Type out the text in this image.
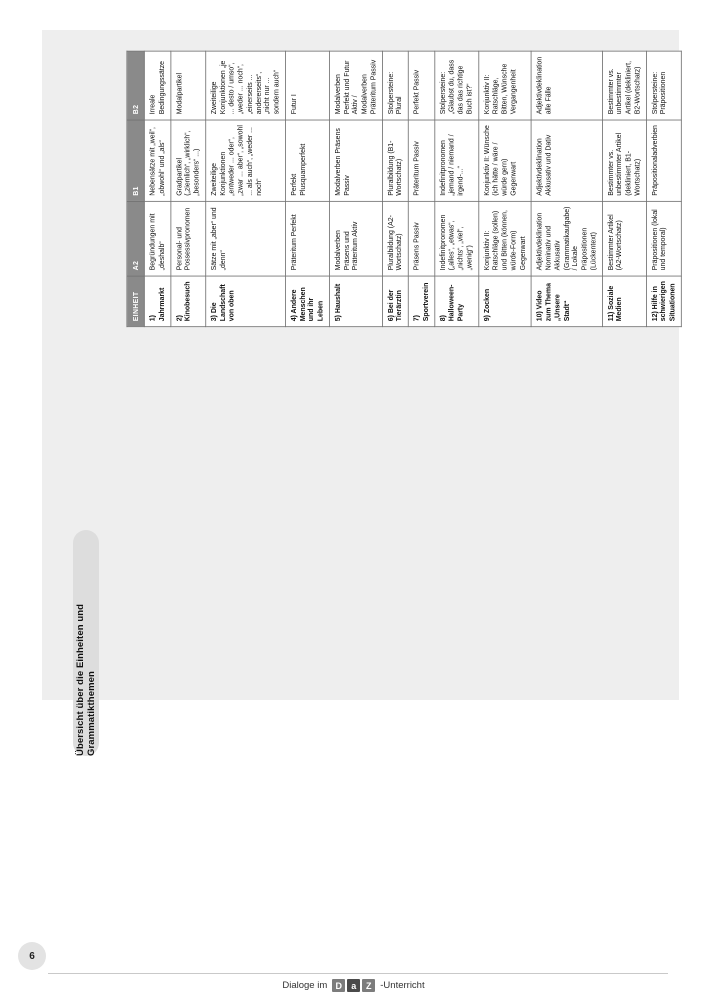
Übersicht über die Einheiten und Grammatikthemen
EINHEIT	A2	B1	B2
1) Jahrmarkt	Begründungen mit „deshalb“	Nebensätze mit „weil“, „obwohl“ und „als“	Irreale Bedingungssätze
2) Kinobesuch	Personal- und Possessivpronomen	Gradpartikel („ziemlich“, „wirklich“, „besonders“ ...)	Modalpartikel
3) Die Landschaft von oben	Sätze mit „aber“ und „denn“	Zweiteilige Konjunktionen „entweder ... oder“, „zwar ... aber“, „sowohl ... als auch“, „weder ... noch“	Zweiteilige Konjunktionen „je ... desto / umso“, „weder ... noch“, „einerseits ... andererseits“, „nicht nur ... sondern auch“
4) Andere Menschen und ihr Leben	Präteritum Perfekt	Perfekt Plusquamperfekt	Futur I
5) Haushalt	Modalverben Präsens und Präteritum Aktiv	Modalverben Präsens Passiv	Modalverben Perfekt und Futur Aktiv / Modalverben Präteritum Passiv
6) Bei der Tierärztin	Pluralbildung (A2-Wortschatz)	Pluralbildung (B1-Wortschatz)	Stolpersteine: Plural
7) Sportverein	Präsens Passiv	Präteritum Passiv	Perfekt Passiv
8) Halloween-Party	Indefinitpronomen („alles“, „etwas“, „nichts“, „viel“, „wenig“)	Indefinitpronomen „jemand / niemand / irgend-...“	Stolpersteine: „Glaubst du, dass das das richtige Buch ist?“
9) Zocken	Konjunktiv II: Ratschläge (sollen) und Bitten (können, würde-Form) Gegenwart	Konjunktiv II: Wünsche (ich hätte / wäre / würde gern) Gegenwart	Konjunktiv II: Ratschläge, Bitten, Wünsche Vergangenheit
10) Video zum Thema „Unsere Stadt“	Adjektivdeklination Nominativ und Akkusativ (Grammatikaufgabe) / Lokale Präpositionen (Lückentext)	Adjektivdeklination Akkusativ und Dativ	Adjektivdeklination alle Fälle
11) Soziale Medien	Bestimmter Artikel (A2-Wortschatz)	Bestimmter vs. unbestimmter Artikel (dekliniert, B1-Wortschatz)	Bestimmter vs. unbestimmter Artikel (dekliniert, B2-Wortschatz)
12) Hilfe in schwierigen Situationen	Präpositionen (lokal und temporal)	Präpositionaladverbien	Stolpersteine: Präpositionen
6
Dialoge im D	a	Z -Unterricht
